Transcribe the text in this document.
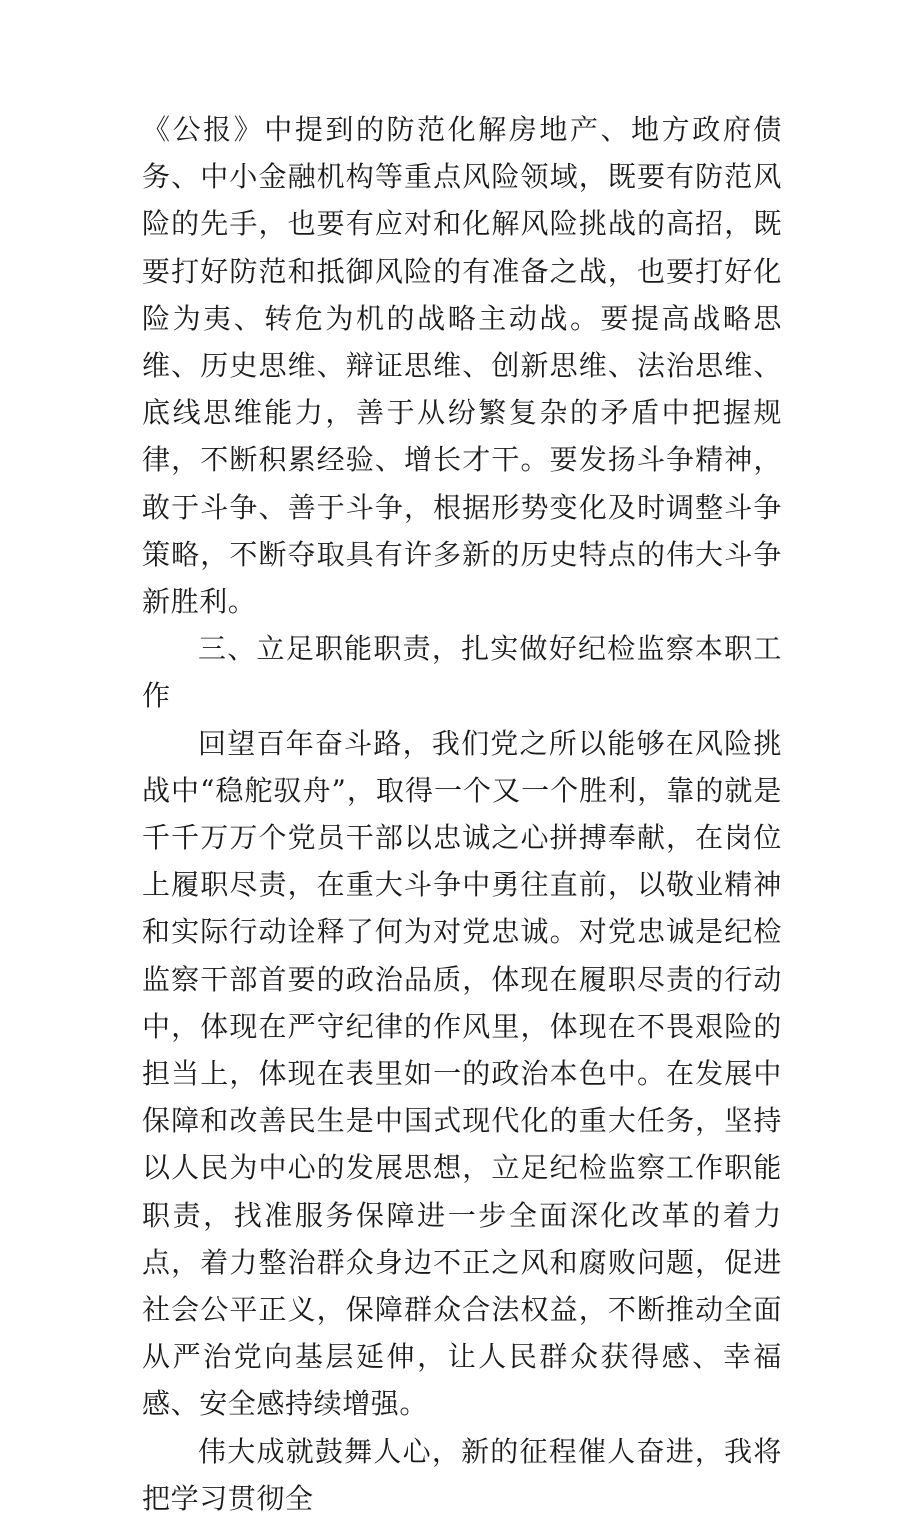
《公报》中提到的防范化解房地产、地方政府债务、中小金融机构等重点风险领域，既要有防范风险的先手，也要有应对和化解风险挑战的高招，既要打好防范和抵御风险的有准备之战，也要打好化险为夷、转危为机的战略主动战。要提高战略思维、历史思维、辩证思维、创新思维、法治思维、底线思维能力，善于从纷繁复杂的矛盾中把握规律，不断积累经验、增长才干。要发扬斗争精神，敢于斗争、善于斗争，根据形势变化及时调整斗争策略，不断夺取具有许多新的历史特点的伟大斗争新胜利。

三、立足职能职责，扎实做好纪检监察本职工作

回望百年奋斗路，我们党之所以能够在风险挑战中“稳舵驭舟”，取得一个又一个胜利，靠的就是千千万万个党员干部以忠诚之心拼搏奉献，在岗位上履职尽责，在重大斗争中勇往直前，以敬业精神和实际行动诠释了何为对党忠诚。对党忠诚是纪检监察干部首要的政治品质，体现在履职尽责的行动中，体现在严守纪律的作风里，体现在不畏艰险的担当上，体现在表里如一的政治本色中。在发展中保障和改善民生是中国式现代化的重大任务，坚持以人民为中心的发展思想，立足纪检监察工作职能职责，找准服务保障进一步全面深化改革的着力点，着力整治群众身边不正之风和腐败问题，促进社会公平正义，保障群众合法权益，不断推动全面从严治党向基层延伸，让人民群众获得感、幸福感、安全感持续增强。

伟大成就鼓舞人心，新的征程催人奋进，我将把学习贯彻全
